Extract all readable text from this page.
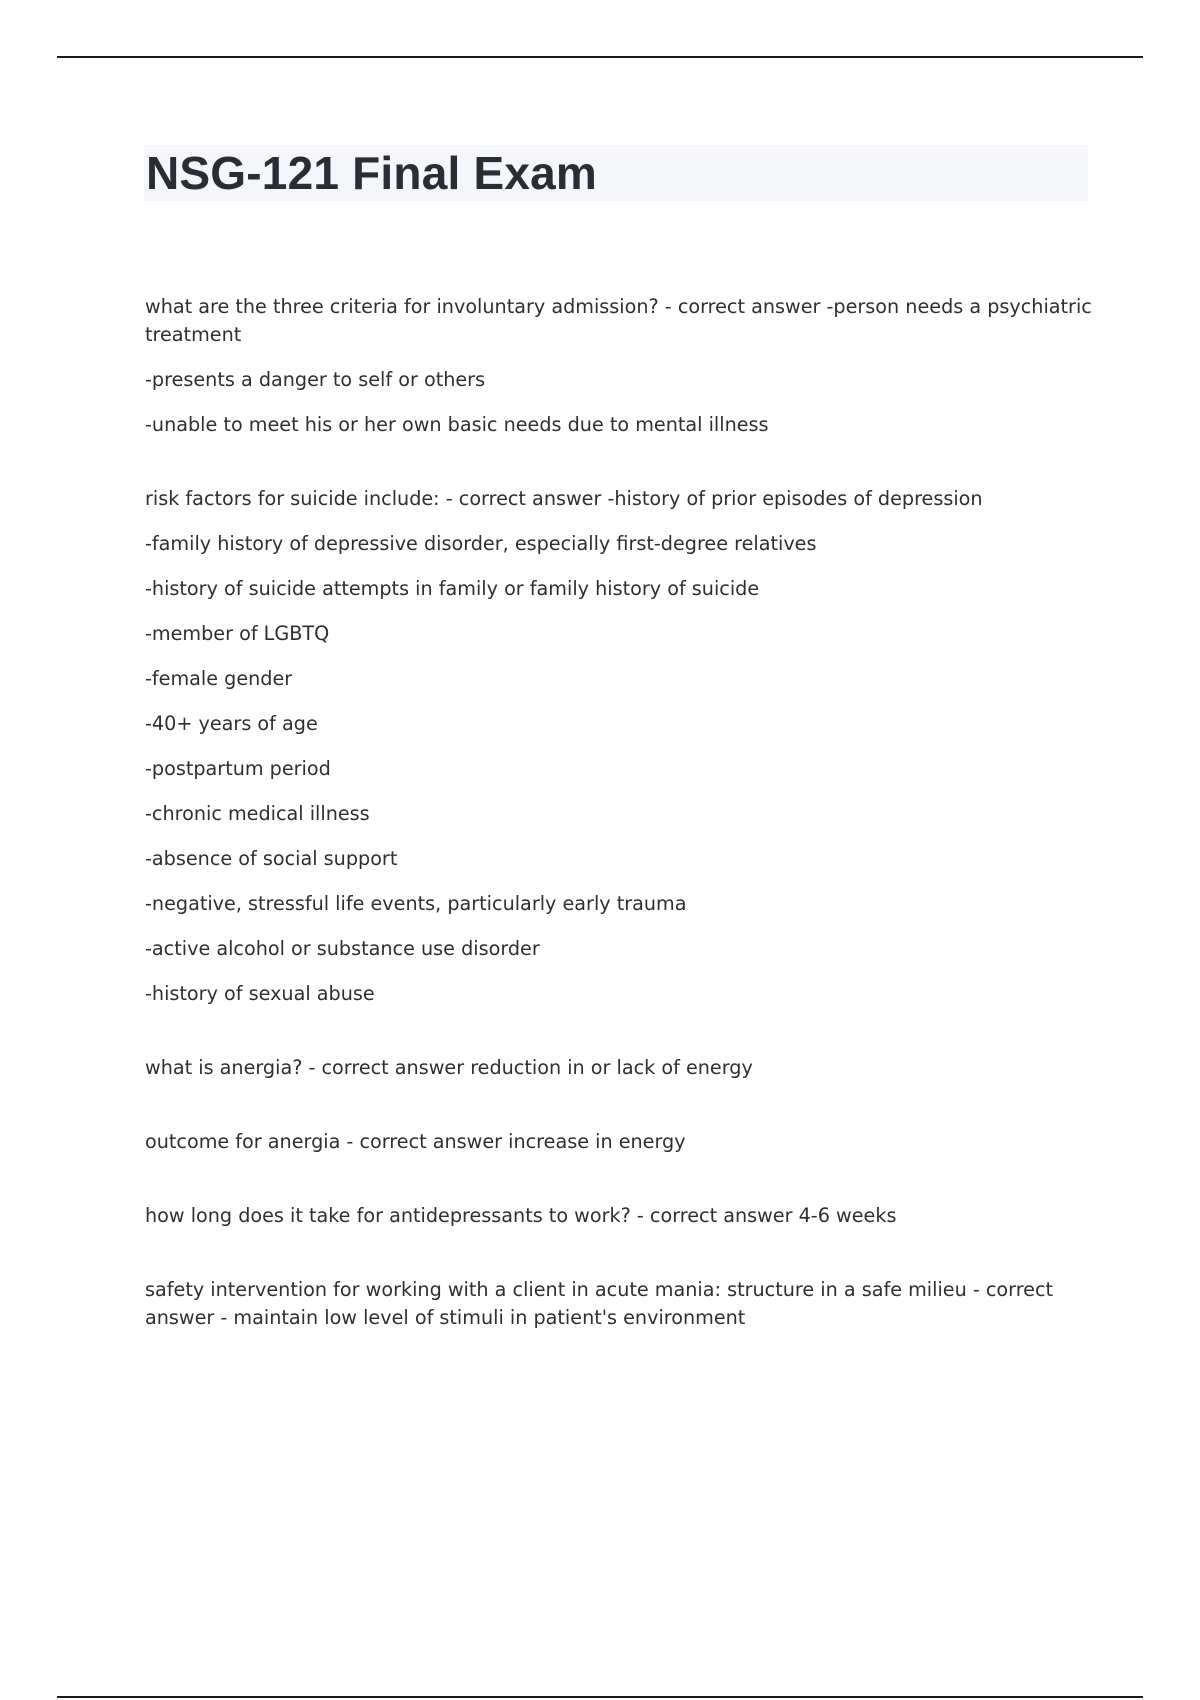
NSG-121 Final Exam

what are the three criteria for involuntary admission? - correct answer -person needs a psychiatric treatment

-presents a danger to self or others

-unable to meet his or her own basic needs due to mental illness

risk factors for suicide include: - correct answer -history of prior episodes of depression

-family history of depressive disorder, especially first-degree relatives

-history of suicide attempts in family or family history of suicide

-member of LGBTQ

-female gender

-40+ years of age

-postpartum period

-chronic medical illness

-absence of social support

-negative, stressful life events, particularly early trauma

-active alcohol or substance use disorder

-history of sexual abuse

what is anergia? - correct answer reduction in or lack of energy

outcome for anergia - correct answer increase in energy

how long does it take for antidepressants to work? - correct answer 4-6 weeks

safety intervention for working with a client in acute mania: structure in a safe milieu - correct answer - maintain low level of stimuli in patient's environment
